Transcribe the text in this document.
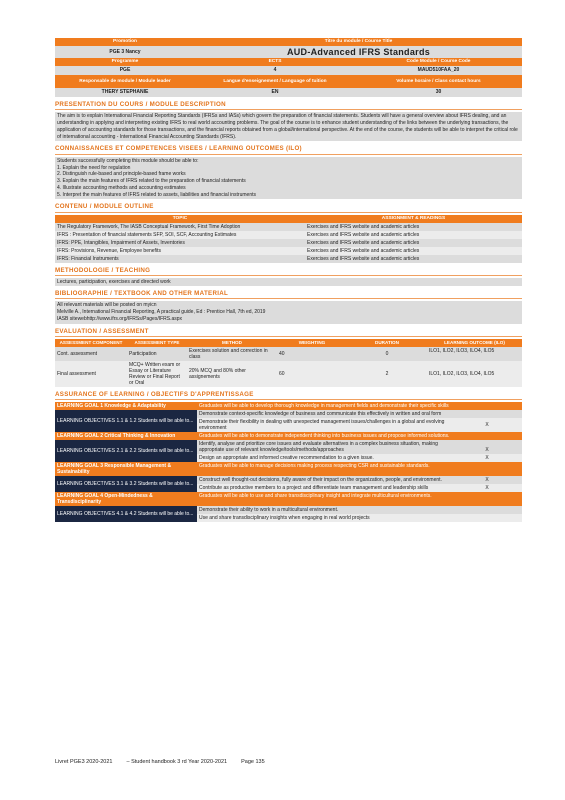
Promotion	Titre du module / Course Title
PGE 3 Nancy	AUD-Advanced IFRS Standards
Programme	ECTS	Code Module / Course Code
PGE	4	MAUD510FAA_20
Responsable de module / Module leader	Langue d'enseignement / Language of tuition	Volume horaire / Class contact hours
THERY STEPHANIE	EN	30
PRESENTATION DU COURS / MODULE DESCRIPTION
The aim is to explain International Financial Reporting Standards (IFRSs and IASs) which govern the preparation of financial statements. Students will have a general overview about IFRS dealing, and an understanding in applying and interpreting existing IFRS to real world accounting problems. The goal of the course is to enhance student understanding of the links between the underlying transactions, the application of accounting standards for those transactions, and the financial reports obtained from a global/international perspective. At the end of the course, the students will be able to interpret the critical role of international accounting - International Financial Accounting Standards (IFRS).
CONNAISSANCES ET COMPETENCES VISEES / LEARNING OUTCOMES (ILO)
Students successfully completing this module should be able to:
1. Explain the need for regulation
2. Distinguish rule-based and principle-based frame works
3. Explain the main features of IFRS related to the preparation of financial statements
4. Illustrate accounting methods and accounting estimates
5. Interpret the main features of IFRS related to assets, liabilities and financial instruments
CONTENU / MODULE OUTLINE
TOPIC	ASSIGNMENT & READINGS
The Regulatory Framework, The IASB Conceptual Framework, First Time Adoption	Exercises and IFRS website and academic articles
IFRS : Presentation of financial statements SFP, SOI, SCF, Accounting Estimates	Exercises and IFRS website and academic articles
IFRS: PPE, Intangibles, Impairment of Assets, Inventories	Exercises and IFRS website and academic articles
IFRS: Provisions, Revenue, Employee benefits	Exercises and IFRS website and academic articles
IFRS: Financial Instruments	Exercises and IFRS website and academic articles
METHODOLOGIE / TEACHING
Lectures, participation, exercises and directed work
BIBLIOGRAPHIE / TEXTBOOK AND OTHER MATERIAL
All relevant materials will be posted on myicn
Melville A., International Financial Reporting, A practical guide, Ed : Prentice Hall, 7th ed, 2019
IASB sitewebhttp://www.ifrs.org/IFRSs/Pages/IFRS.aspx
EVALUATION / ASSESSMENT
ASSESSMENT COMPONENT	ASSESSMENT TYPE	METHOD	WEIGHTING	DURATION	LEARNING OUTCOME (ILO)
Cont. assessment	Participation	Exercises solution and correction in class	40	0	ILO1, ILO2, ILO3, ILO4, ILO5
Final assessment	MCQ+ Written exam or Essay or Literature Review or Final Report or Oral	20% MCQ and 80% other assignements	60	2	ILO1, ILO2, ILO3, ILO4, ILO5
ASSURANCE OF LEARNING / OBJECTIFS D'APPRENTISSAGE
LEARNING GOAL 1 Knowledge & Adaptability	Graduates will be able to develop thorough knowledge in management fields and demonstrate their specific skills	
LEARNING OBJECTIVES 1.1 & 1.2 Students will be able to...	Demonstrate context-specific knowledge of business and communicate this effectively in written and oral form	
	Demonstrate their flexibility in dealing with unexpected management issues/challenges in a global and evolving environment	X
LEARNING GOAL 2 Critical Thinking & Innovation	Graduates will be able to demonstrate independent thinking into business issues and propose informed solutions.	
LEARNING OBJECTIVES 2.1 & 2.2 Students will be able to...	Identify, analyse and prioritize core issues and evaluate alternatives in a complex business situation, making appropriate use of relevant knowledge/tools/methods/approaches	X
	Design an appropriate and informed creative recommendation to a given issue.	X
LEARNING GOAL 3 Responsible Management & Sustainability	Graduates will be able to manage decisions making process respecting CSR and sustainable standards.	
LEARNING OBJECTIVES 3.1 & 3.2 Students will be able to...	Construct well thought-out decisions, fully aware of their impact on the organization, people, and environment.	X
	Contribute as productive members to a project and differentiate team management and leadership skills	X
LEARNING GOAL 4 Open-Mindedness & Transdisciplinarity	Graduates will be able to use and share transdisciplinary insight and integrate multicultural environments.	
LEARNING OBJECTIVES 4.1 & 4.2 Students will be able to...	Demonstrate their ability to work in a multicultural environment.	
	Use and share transdisciplinary insights when engaging in real world projects	
Livret PGE3 2020-2021	– Student handbook 3 rd Year 2020-2021	Page 135
